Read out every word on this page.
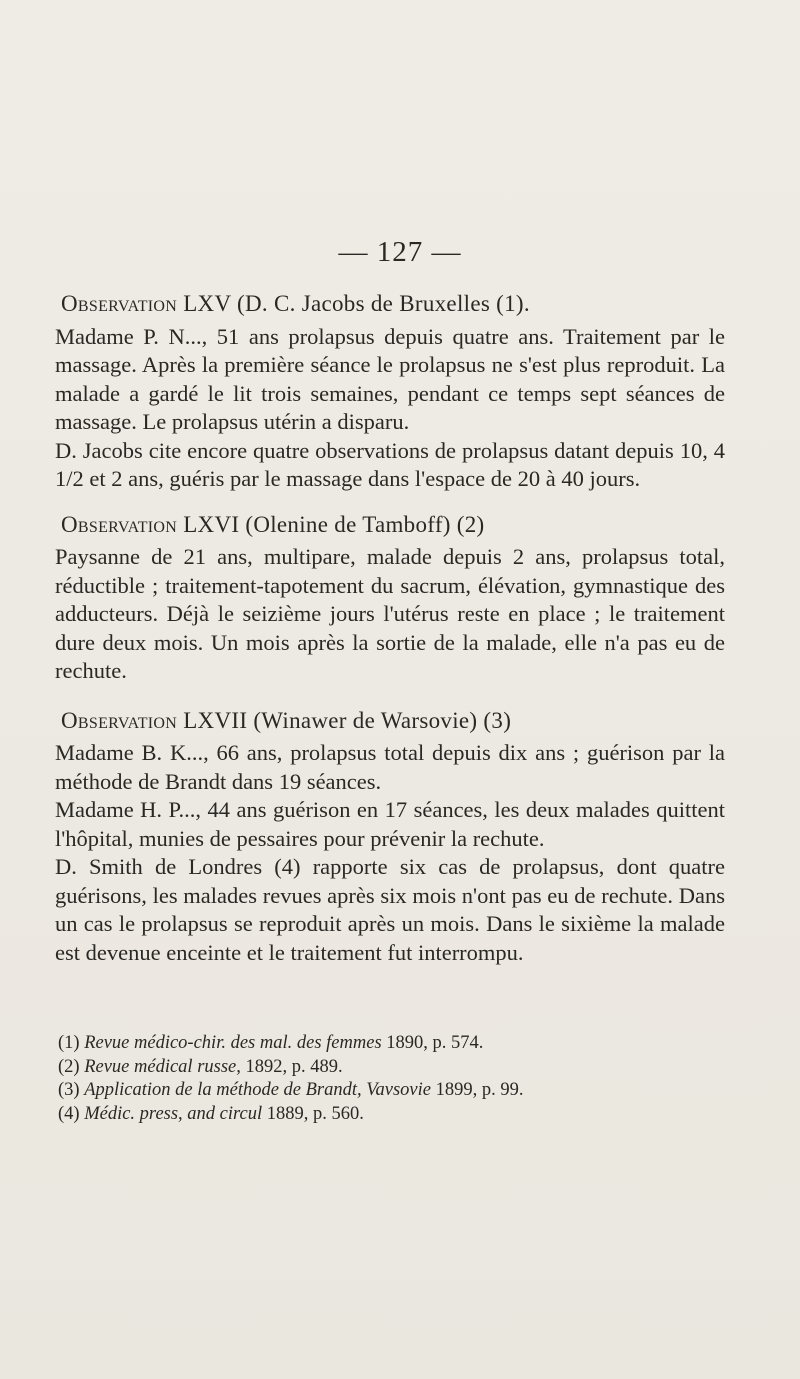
— 127 —
Observation LXV (D. C. Jacobs de Bruxelles (1).

Madame P. N..., 51 ans prolapsus depuis quatre ans. Traitement par le massage. Après la première séance le prolapsus ne s'est plus reproduit. La malade a gardé le lit trois semaines, pendant ce temps sept séances de massage. Le prolapsus utérin a disparu.

D. Jacobs cite encore quatre observations de prolapsus datant depuis 10, 4 1/2 et 2 ans, guéris par le massage dans l'espace de 20 à 40 jours.

Observation LXVI (Olenine de Tamboff) (2)

Paysanne de 21 ans, multipare, malade depuis 2 ans, prolapsus total, réductible ; traitement-tapotement du sacrum, élévation, gymnastique des adducteurs. Déjà le seizième jours l'utérus reste en place ; le traitement dure deux mois. Un mois après la sortie de la malade, elle n'a pas eu de rechute.

Observation LXVII (Winawer de Warsovie) (3)

Madame B. K..., 66 ans, prolapsus total depuis dix ans ; guérison par la méthode de Brandt dans 19 séances.

Madame H. P..., 44 ans guérison en 17 séances, les deux malades quittent l'hôpital, munies de pessaires pour prévenir la rechute.

D. Smith de Londres (4) rapporte six cas de prolapsus, dont quatre guérisons, les malades revues après six mois n'ont pas eu de rechute. Dans un cas le prolapsus se reproduit après un mois. Dans le sixième la malade est devenue enceinte et le traitement fut interrompu.

(1) Revue médico-chir. des mal. des femmes 1890, p. 574.
(2) Revue médical russe, 1892, p. 489.
(3) Application de la méthode de Brandt, Vavsovie 1899, p. 99.
(4) Médic. press, and circul 1889, p. 560.
